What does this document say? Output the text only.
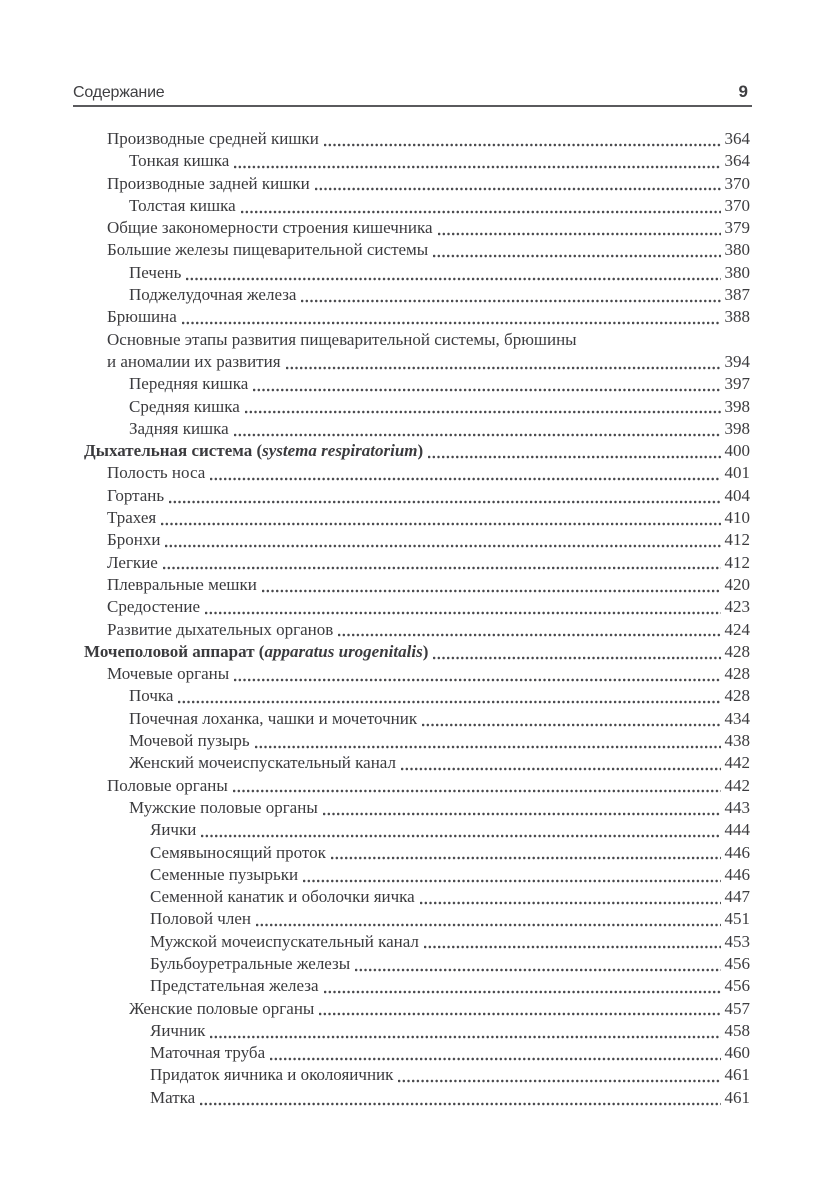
Содержание	9
Производные средней кишки	364
Тонкая кишка	364
Производные задней кишки	370
Толстая кишка	370
Общие закономерности строения кишечника	379
Большие железы пищеварительной системы	380
Печень	380
Поджелудочная железа	387
Брюшина	388
Основные этапы развития пищеварительной системы, брюшины
и аномалии их развития	394
Передняя кишка	397
Средняя кишка	398
Задняя кишка	398
Дыхательная система (systema respiratorium)	400
Полость носа	401
Гортань	404
Трахея	410
Бронхи	412
Легкие	412
Плевральные мешки	420
Средостение	423
Развитие дыхательных органов	424
Мочеполовой аппарат (apparatus urogenitalis)	428
Мочевые органы	428
Почка	428
Почечная лоханка, чашки и мочеточник	434
Мочевой пузырь	438
Женский мочеиспускательный канал	442
Половые органы	442
Мужские половые органы	443
Яички	444
Семявыносящий проток	446
Семенные пузырьки	446
Семенной канатик и оболочки яичка	447
Половой член	451
Мужской мочеиспускательный канал	453
Бульбоуретральные железы	456
Предстательная железа	456
Женские половые органы	457
Яичник	458
Маточная труба	460
Придаток яичника и околояичник	461
Матка	461
